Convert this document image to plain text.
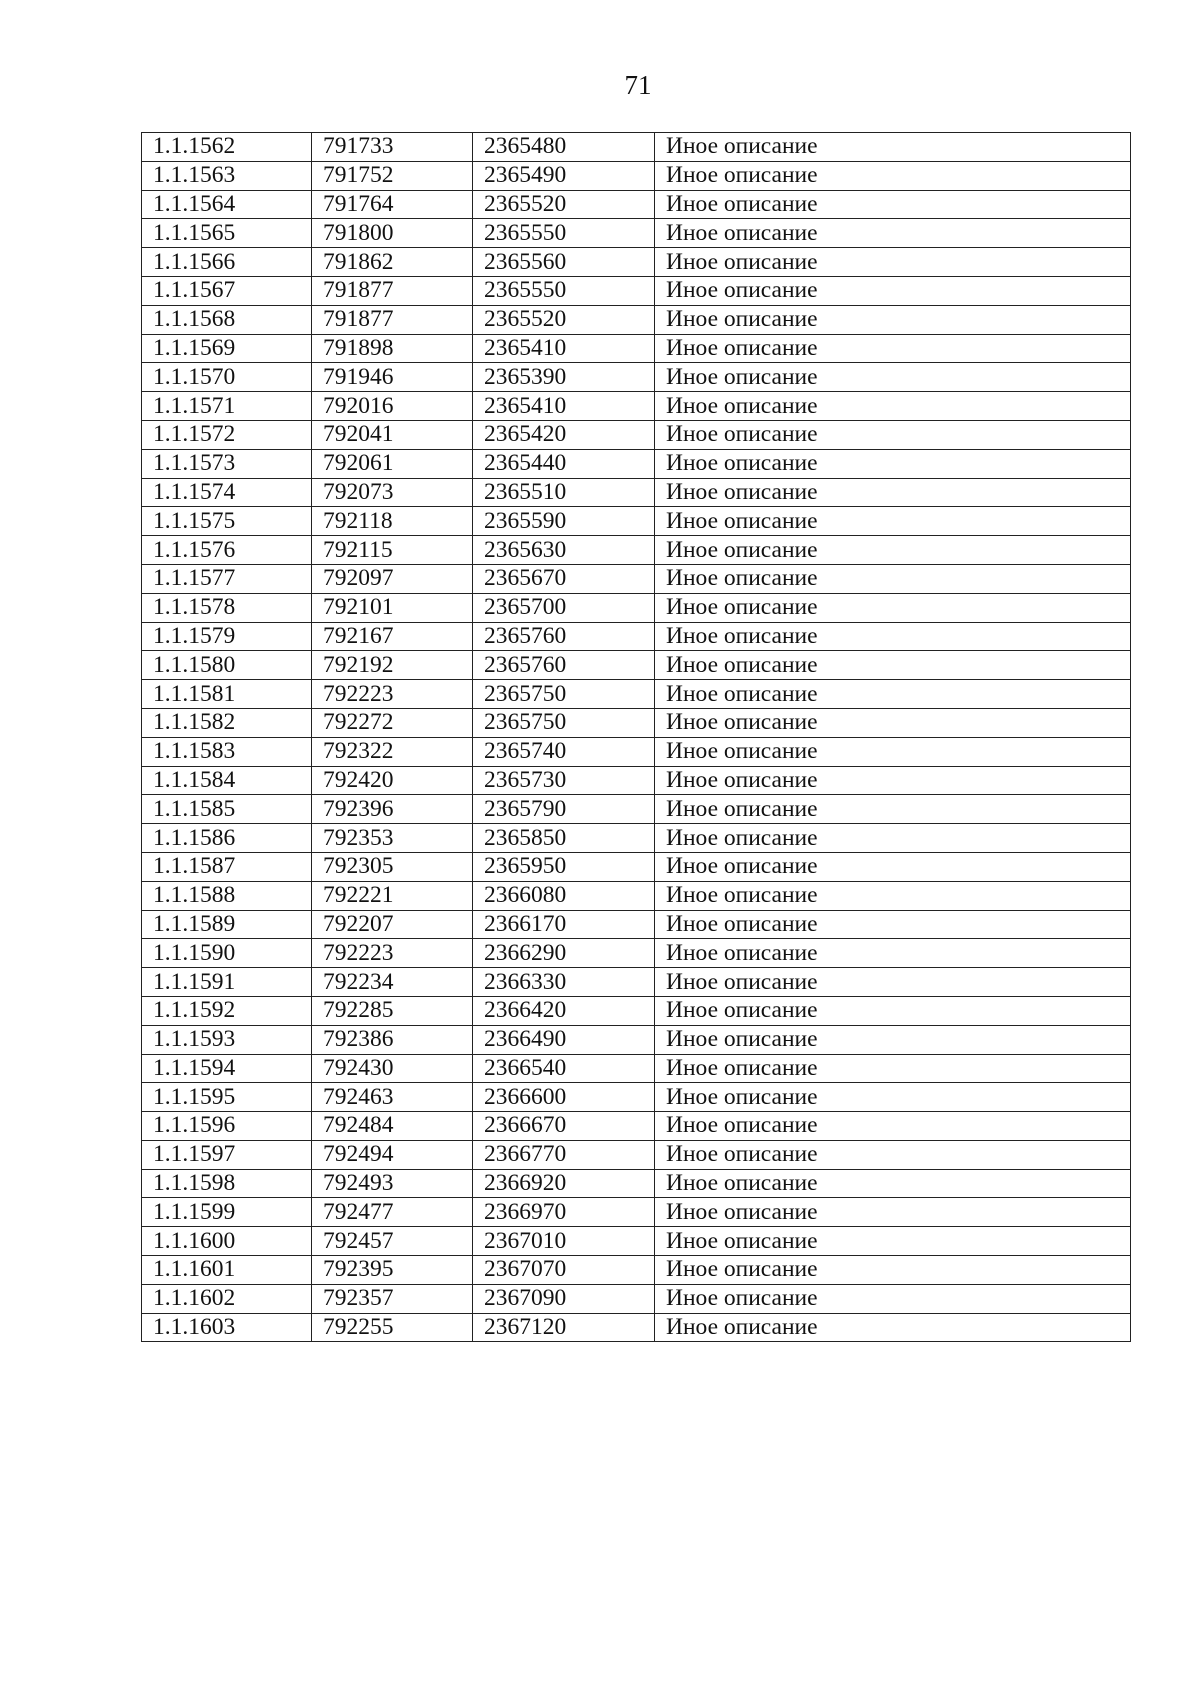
71
1.1.1562	791733	2365480	Иное описание
1.1.1563	791752	2365490	Иное описание
1.1.1564	791764	2365520	Иное описание
1.1.1565	791800	2365550	Иное описание
1.1.1566	791862	2365560	Иное описание
1.1.1567	791877	2365550	Иное описание
1.1.1568	791877	2365520	Иное описание
1.1.1569	791898	2365410	Иное описание
1.1.1570	791946	2365390	Иное описание
1.1.1571	792016	2365410	Иное описание
1.1.1572	792041	2365420	Иное описание
1.1.1573	792061	2365440	Иное описание
1.1.1574	792073	2365510	Иное описание
1.1.1575	792118	2365590	Иное описание
1.1.1576	792115	2365630	Иное описание
1.1.1577	792097	2365670	Иное описание
1.1.1578	792101	2365700	Иное описание
1.1.1579	792167	2365760	Иное описание
1.1.1580	792192	2365760	Иное описание
1.1.1581	792223	2365750	Иное описание
1.1.1582	792272	2365750	Иное описание
1.1.1583	792322	2365740	Иное описание
1.1.1584	792420	2365730	Иное описание
1.1.1585	792396	2365790	Иное описание
1.1.1586	792353	2365850	Иное описание
1.1.1587	792305	2365950	Иное описание
1.1.1588	792221	2366080	Иное описание
1.1.1589	792207	2366170	Иное описание
1.1.1590	792223	2366290	Иное описание
1.1.1591	792234	2366330	Иное описание
1.1.1592	792285	2366420	Иное описание
1.1.1593	792386	2366490	Иное описание
1.1.1594	792430	2366540	Иное описание
1.1.1595	792463	2366600	Иное описание
1.1.1596	792484	2366670	Иное описание
1.1.1597	792494	2366770	Иное описание
1.1.1598	792493	2366920	Иное описание
1.1.1599	792477	2366970	Иное описание
1.1.1600	792457	2367010	Иное описание
1.1.1601	792395	2367070	Иное описание
1.1.1602	792357	2367090	Иное описание
1.1.1603	792255	2367120	Иное описание
